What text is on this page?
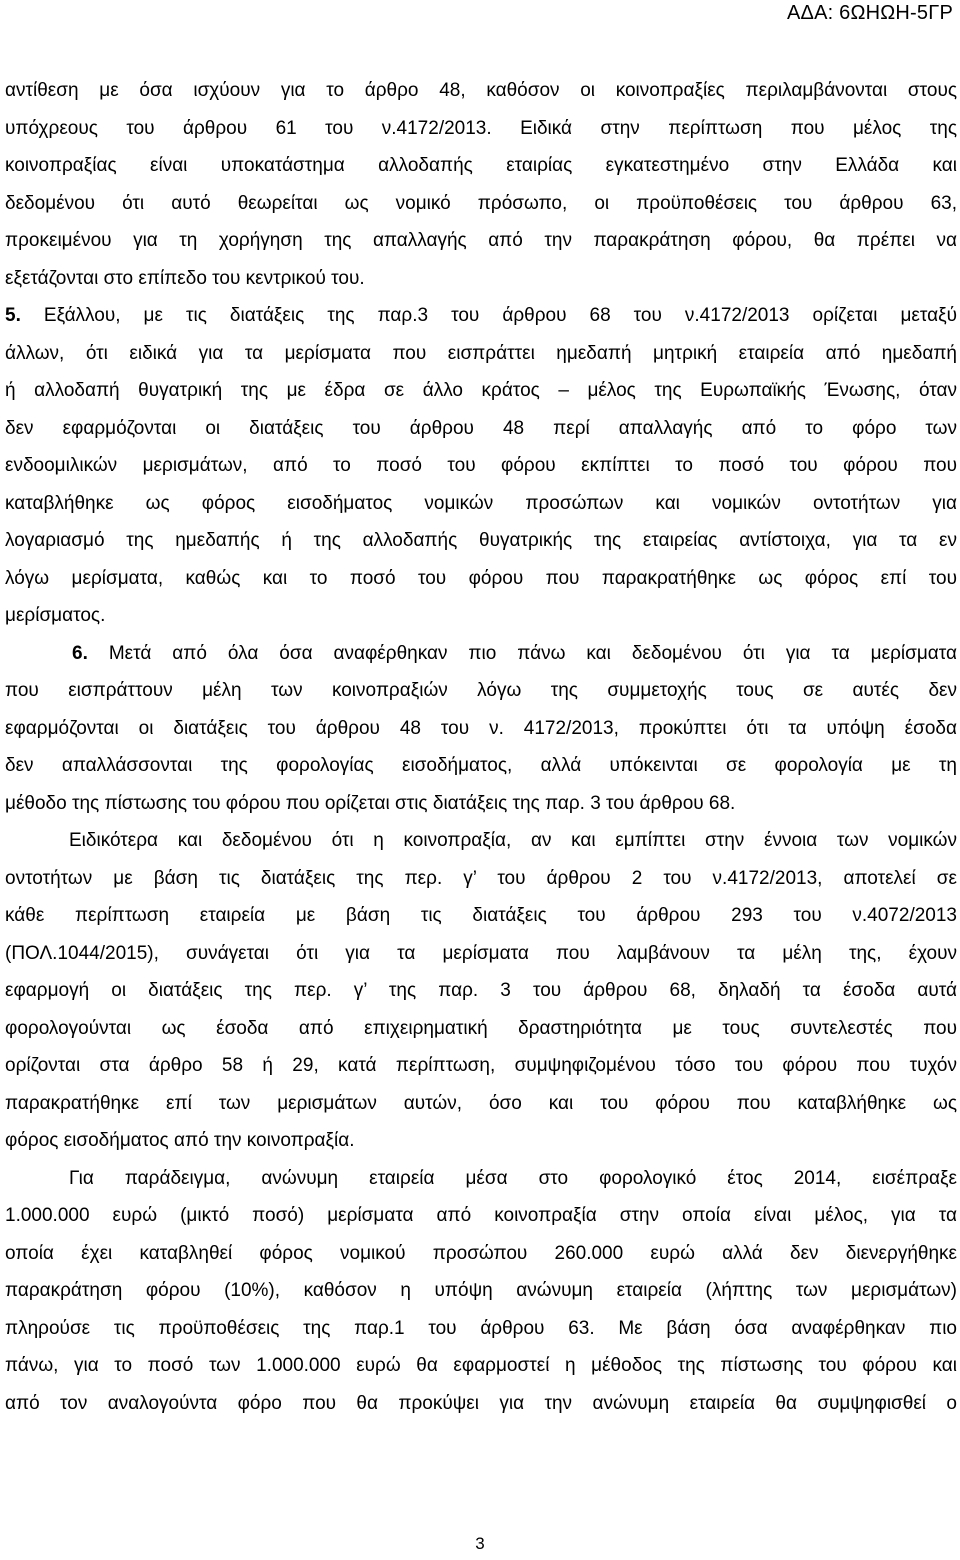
ΑΔΑ: 6ΩΗΩΗ-5ΓΡ
αντίθεση με όσα ισχύουν για το άρθρο 48, καθόσον οι κοινοπραξίες περιλαμβάνονται στους
υπόχρεους του άρθρου 61 του ν.4172/2013. Ειδικά στην περίπτωση που μέλος της
κοινοπραξίας είναι υποκατάστημα αλλοδαπής εταιρίας εγκατεστημένο στην Ελλάδα και
δεδομένου ότι αυτό θεωρείται ως νομικό πρόσωπο, οι προϋποθέσεις του άρθρου 63,
προκειμένου για τη χορήγηση της απαλλαγής από την παρακράτηση φόρου, θα πρέπει να
εξετάζονται στο επίπεδο του κεντρικού του.
5. Εξάλλου, με τις διατάξεις της παρ.3 του άρθρου 68 του ν.4172/2013 ορίζεται μεταξύ
άλλων, ότι ειδικά για τα μερίσματα που εισπράττει ημεδαπή μητρική εταιρεία από ημεδαπή
ή αλλοδαπή θυγατρική της με έδρα σε άλλο κράτος – μέλος της Ευρωπαϊκής Ένωσης, όταν
δεν εφαρμόζονται οι διατάξεις του άρθρου 48 περί απαλλαγής από το φόρο των
ενδοομιλικών μερισμάτων, από το ποσό του φόρου εκπίπτει το ποσό του φόρου που
καταβλήθηκε ως φόρος εισοδήματος νομικών προσώπων και νομικών οντοτήτων για
λογαριασμό της ημεδαπής ή της αλλοδαπής θυγατρικής της εταιρείας αντίστοιχα, για τα εν
λόγω μερίσματα, καθώς και το ποσό του φόρου που παρακρατήθηκε ως φόρος επί του
μερίσματος.
6. Μετά από όλα όσα αναφέρθηκαν πιο πάνω και δεδομένου ότι για τα μερίσματα
που εισπράττουν μέλη των κοινοπραξιών λόγω της συμμετοχής τους σε αυτές δεν
εφαρμόζονται οι διατάξεις του άρθρου 48 του ν. 4172/2013, προκύπτει ότι τα υπόψη έσοδα
δεν απαλλάσσονται της φορολογίας εισοδήματος, αλλά υπόκεινται σε φορολογία με τη
μέθοδο της πίστωσης του φόρου που ορίζεται στις διατάξεις της παρ. 3 του άρθρου 68.
Ειδικότερα και δεδομένου ότι η κοινοπραξία, αν και εμπίπτει στην έννοια των νομικών
οντοτήτων με βάση τις διατάξεις της περ. γ’ του άρθρου 2 του ν.4172/2013, αποτελεί σε
κάθε περίπτωση εταιρεία με βάση τις διατάξεις του άρθρου 293 του ν.4072/2013
(ΠΟΛ.1044/2015), συνάγεται ότι για τα μερίσματα που λαμβάνουν τα μέλη της, έχουν
εφαρμογή οι διατάξεις της περ. γ’ της παρ. 3 του άρθρου 68, δηλαδή τα έσοδα αυτά
φορολογούνται ως έσοδα από επιχειρηματική δραστηριότητα με τους συντελεστές που
ορίζονται στα άρθρο 58 ή 29, κατά περίπτωση, συμψηφιζομένου τόσο του φόρου που τυχόν
παρακρατήθηκε επί των μερισμάτων αυτών, όσο και του φόρου που καταβλήθηκε ως
φόρος εισοδήματος από την κοινοπραξία.
Για παράδειγμα, ανώνυμη εταιρεία μέσα στο φορολογικό έτος 2014, εισέπραξε
1.000.000 ευρώ (μικτό ποσό) μερίσματα από κοινοπραξία στην οποία είναι μέλος, για τα
οποία έχει καταβληθεί φόρος νομικού προσώπου 260.000 ευρώ αλλά δεν διενεργήθηκε
παρακράτηση φόρου (10%), καθόσον η υπόψη ανώνυμη εταιρεία (λήπτης των μερισμάτων)
πληρούσε τις προϋποθέσεις της παρ.1 του άρθρου 63. Με βάση όσα αναφέρθηκαν πιο
πάνω, για το ποσό των 1.000.000 ευρώ θα εφαρμοστεί η μέθοδος της πίστωσης του φόρου και
από τον αναλογούντα φόρο που θα προκύψει για την ανώνυμη εταιρεία θα συμψηφισθεί ο
3
